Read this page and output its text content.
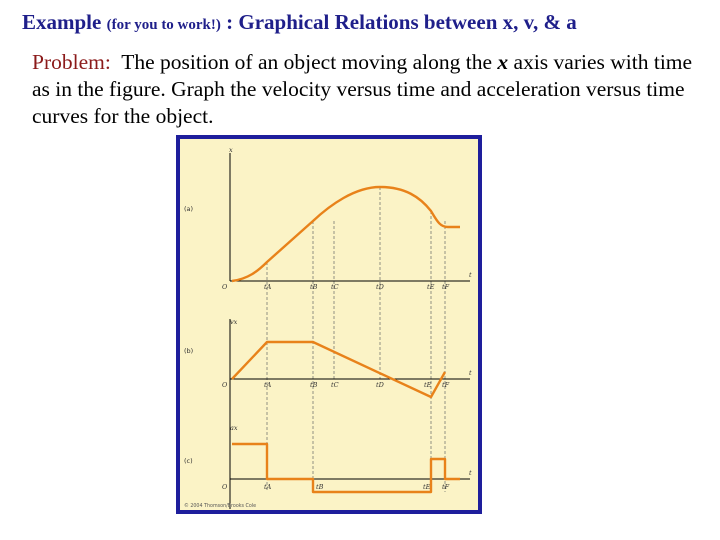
Example (for you to work!) : Graphical Relations between x, v, & a
Problem: The position of an object moving along the x axis varies with time as in the figure. Graph the velocity versus time and acceleration versus time curves for the object.
x
(a)
O
t
tA	tB tC	tD	tE tF
vx
(b)
O
t
tA	tB tC	tD	tE tF
ax
(c)
O
t
tA	tB	tE tF
© 2004 Thomson/Brooks Cole
